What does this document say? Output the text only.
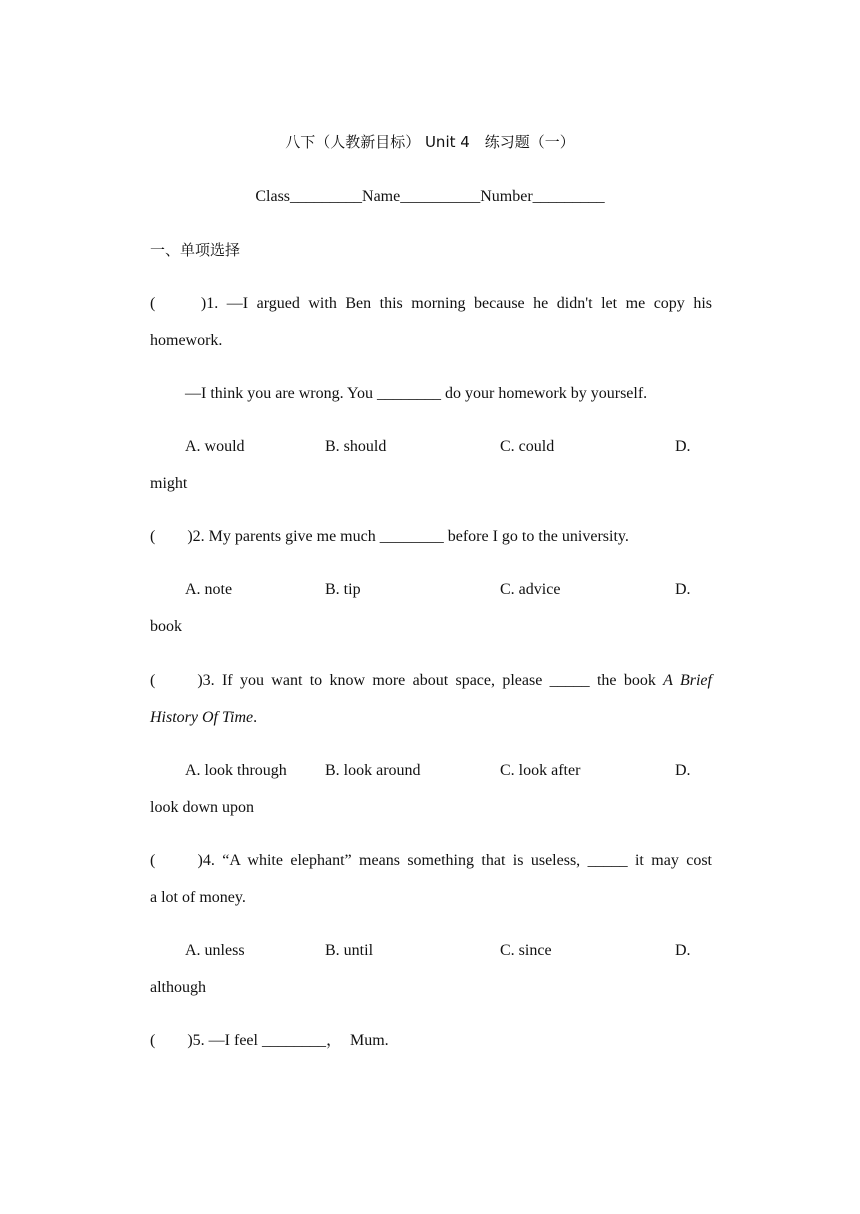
八下（人教新目标） Unit 4　练习题（一）
Class_________Name__________Number_________
一、单项选择
(　　)1. —I argued with Ben this morning because he didn't let me copy his
homework.
—I think you are wrong. You ________ do your homework by yourself.
A. would	B. should	C. could	D.
might
(　　)2. My parents give me much ________ before I go to the university.
A. note	B. tip	C. advice	D.
book
(　　)3. If you want to know more about space, please _____ the book A Brief
History Of Time.
A. look through B. look around	C. look after	D.
look down upon
(　　)4. “A white elephant” means something that is useless, _____ it may cost
a lot of money.
A. unless	B. until	C. since	D.
although
(　　)5. —I feel ________，　Mum.
